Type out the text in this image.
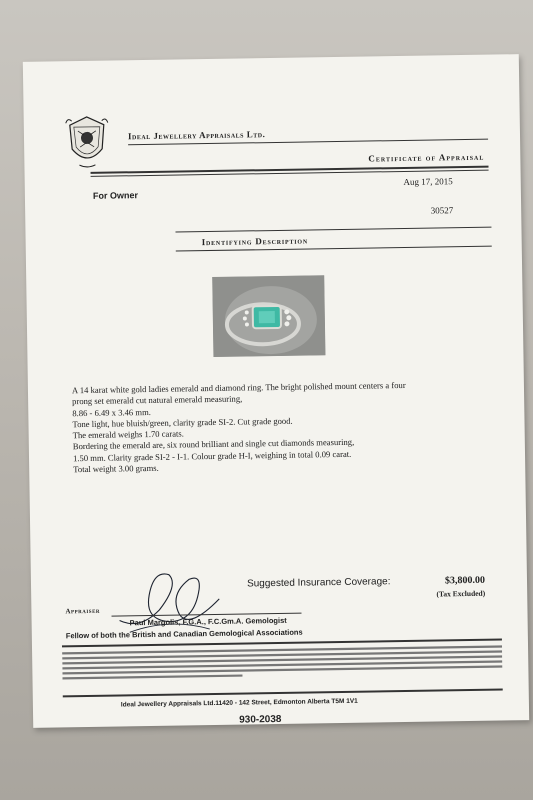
Ideal Jewellery Appraisals Ltd.
Certificate of Appraisal
Aug 17, 2015
For Owner
30527
Identifying Description
A 14 karat white gold ladies emerald and diamond ring. The bright polished mount centers a four
prong set emerald cut natural emerald measuring,
8.86 - 6.49 x 3.46 mm.
Tone light, hue bluish/green, clarity grade SI-2. Cut grade good.
The emerald weighs 1.70 carats.
Bordering the emerald are, six round brilliant and single cut diamonds measuring,
1.50 mm. Clarity grade SI-2 - I-1. Colour grade H-I, weighing in total 0.09 carat.
Total weight 3.00 grams.
Suggested Insurance Coverage:	$3,800.00
(Tax Excluded)
Appraiser
Paul Margolis, F.G.A., F.C.Gm.A. Gemologist
Fellow of both the British and Canadian Gemological Associations
Ideal Jewellery Appraisals Ltd.11420 - 142 Street, Edmonton Alberta T5M 1V1
930-2038
